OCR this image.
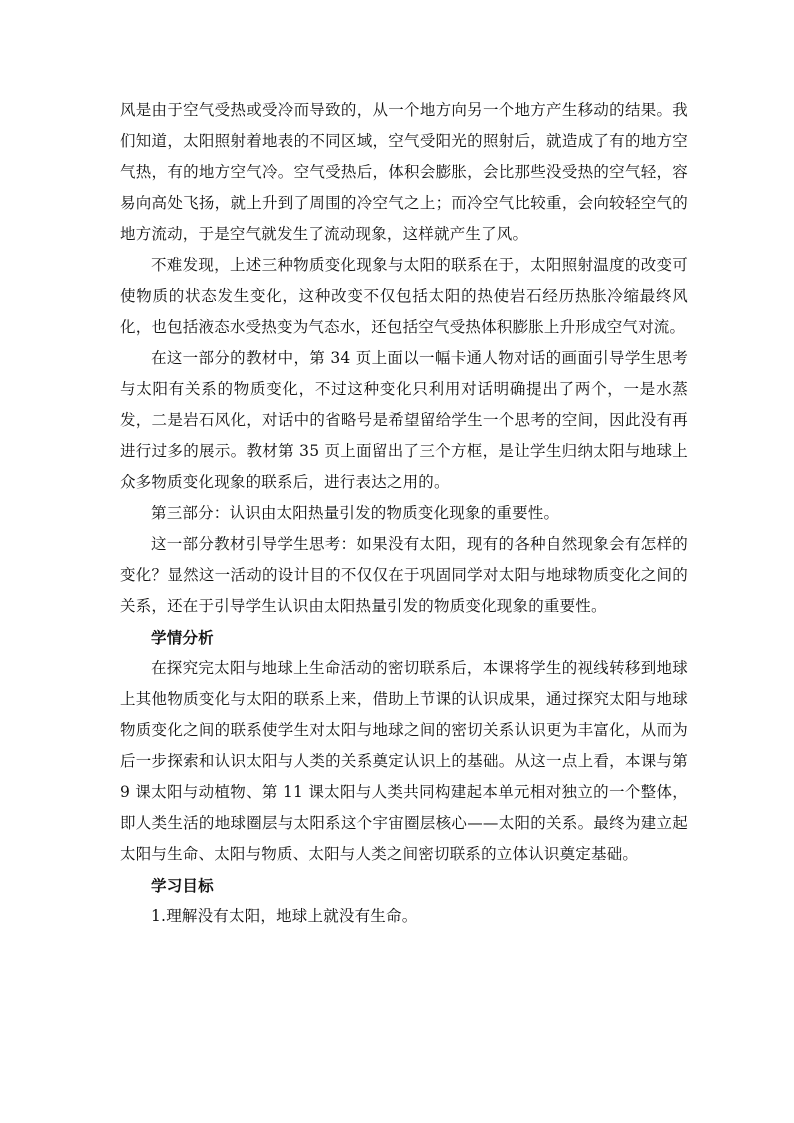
风是由于空气受热或受冷而导致的，从一个地方向另一个地方产生移动的结果。我们知道，太阳照射着地表的不同区域，空气受阳光的照射后，就造成了有的地方空气热，有的地方空气冷。空气受热后，体积会膨胀，会比那些没受热的空气轻，容易向高处飞扬，就上升到了周围的冷空气之上；而冷空气比较重，会向较轻空气的地方流动，于是空气就发生了流动现象，这样就产生了风。

不难发现，上述三种物质变化现象与太阳的联系在于，太阳照射温度的改变可使物质的状态发生变化，这种改变不仅包括太阳的热使岩石经历热胀冷缩最终风化，也包括液态水受热变为气态水，还包括空气受热体积膨胀上升形成空气对流。

在这一部分的教材中，第 34 页上面以一幅卡通人物对话的画面引导学生思考与太阳有关系的物质变化，不过这种变化只利用对话明确提出了两个，一是水蒸发，二是岩石风化，对话中的省略号是希望留给学生一个思考的空间，因此没有再进行过多的展示。教材第 35 页上面留出了三个方框，是让学生归纳太阳与地球上众多物质变化现象的联系后，进行表达之用的。

第三部分：认识由太阳热量引发的物质变化现象的重要性。

这一部分教材引导学生思考：如果没有太阳，现有的各种自然现象会有怎样的变化？显然这一活动的设计目的不仅仅在于巩固同学对太阳与地球物质变化之间的关系，还在于引导学生认识由太阳热量引发的物质变化现象的重要性。

学情分析

在探究完太阳与地球上生命活动的密切联系后，本课将学生的视线转移到地球上其他物质变化与太阳的联系上来，借助上节课的认识成果，通过探究太阳与地球物质变化之间的联系使学生对太阳与地球之间的密切关系认识更为丰富化，从而为后一步探索和认识太阳与人类的关系奠定认识上的基础。从这一点上看，本课与第 9 课太阳与动植物、第 11 课太阳与人类共同构建起本单元相对独立的一个整体，即人类生活的地球圈层与太阳系这个宇宙圈层核心——太阳的关系。最终为建立起太阳与生命、太阳与物质、太阳与人类之间密切联系的立体认识奠定基础。

学习目标

1.理解没有太阳，地球上就没有生命。
